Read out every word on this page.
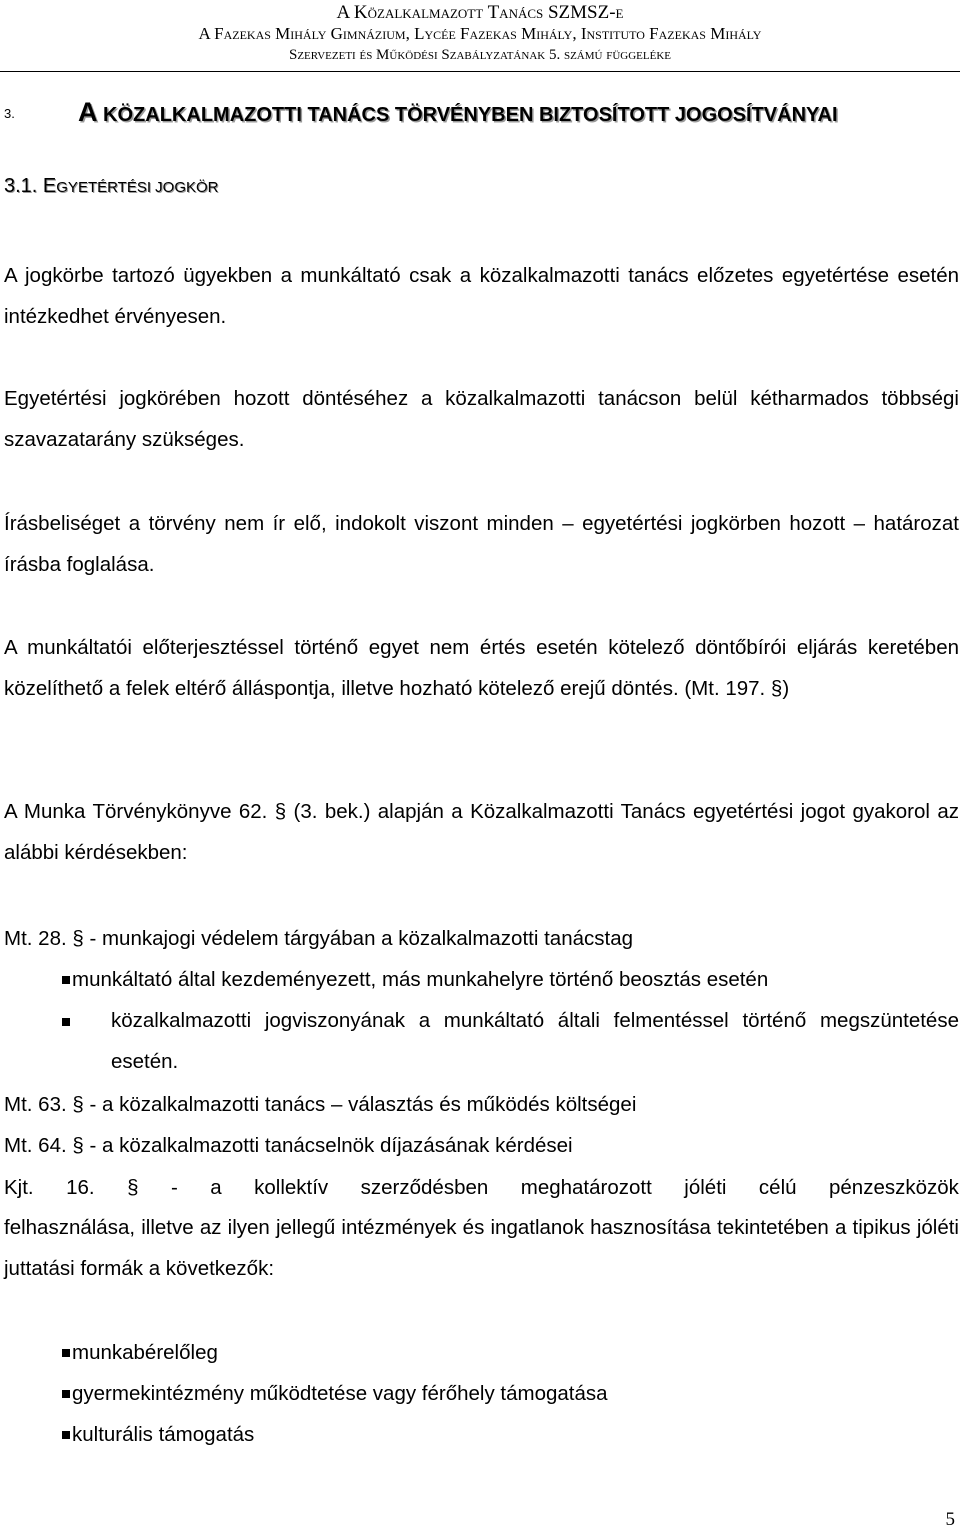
A Közalkalmazott Tanács SZMSZ-e
A Fazekas Mihály Gimnázium, Lycée Fazekas Mihály, Instituto Fazekas Mihály
Szervezeti és Működési Szabályzatának 5. számú függeléke
3. A KÖZALKALMAZOTTI TANÁCS TÖRVÉNYBEN BIZTOSÍTOTT JOGOSÍTVÁNYAI
3.1. EGYETÉRTÉSI JOGKÖR
A jogkörbe tartozó ügyekben a munkáltató csak a közalkalmazotti tanács előzetes egyetértése esetén intézkedhet érvényesen.
Egyetértési jogkörében hozott döntéséhez a közalkalmazotti tanácson belül kétharmados többségi szavazatarány szükséges.
Írásbeliséget a törvény nem ír elő, indokolt viszont minden – egyetértési jogkörben hozott – határozat írásba foglalása.
A munkáltatói előterjesztéssel történő egyet nem értés esetén kötelező döntőbírói eljárás keretében közelíthető a felek eltérő álláspontja, illetve hozható kötelező erejű döntés. (Mt. 197. §)
A Munka Törvénykönyve 62. § (3. bek.) alapján a Közalkalmazotti Tanács egyetértési jogot gyakorol az alábbi kérdésekben:
Mt. 28. § - munkajogi védelem tárgyában a közalkalmazotti tanácstag
munkáltató által kezdeményezett, más munkahelyre történő beosztás esetén
közalkalmazotti jogviszonyának a munkáltató általi felmentéssel történő megszüntetése esetén.
Mt. 63. § - a közalkalmazotti tanács – választás és működés költségei
Mt. 64. § - a közalkalmazotti tanácselnök díjazásának kérdései
Kjt. 16. § - a kollektív szerződésben meghatározott jóléti célú pénzeszközök
felhasználása, illetve az ilyen jellegű intézmények és ingatlanok hasznosítása tekintetében a tipikus jóléti juttatási formák a következők:
munkabérelőleg
gyermekintézmény működtetése vagy férőhely támogatása
kulturális támogatás
5
